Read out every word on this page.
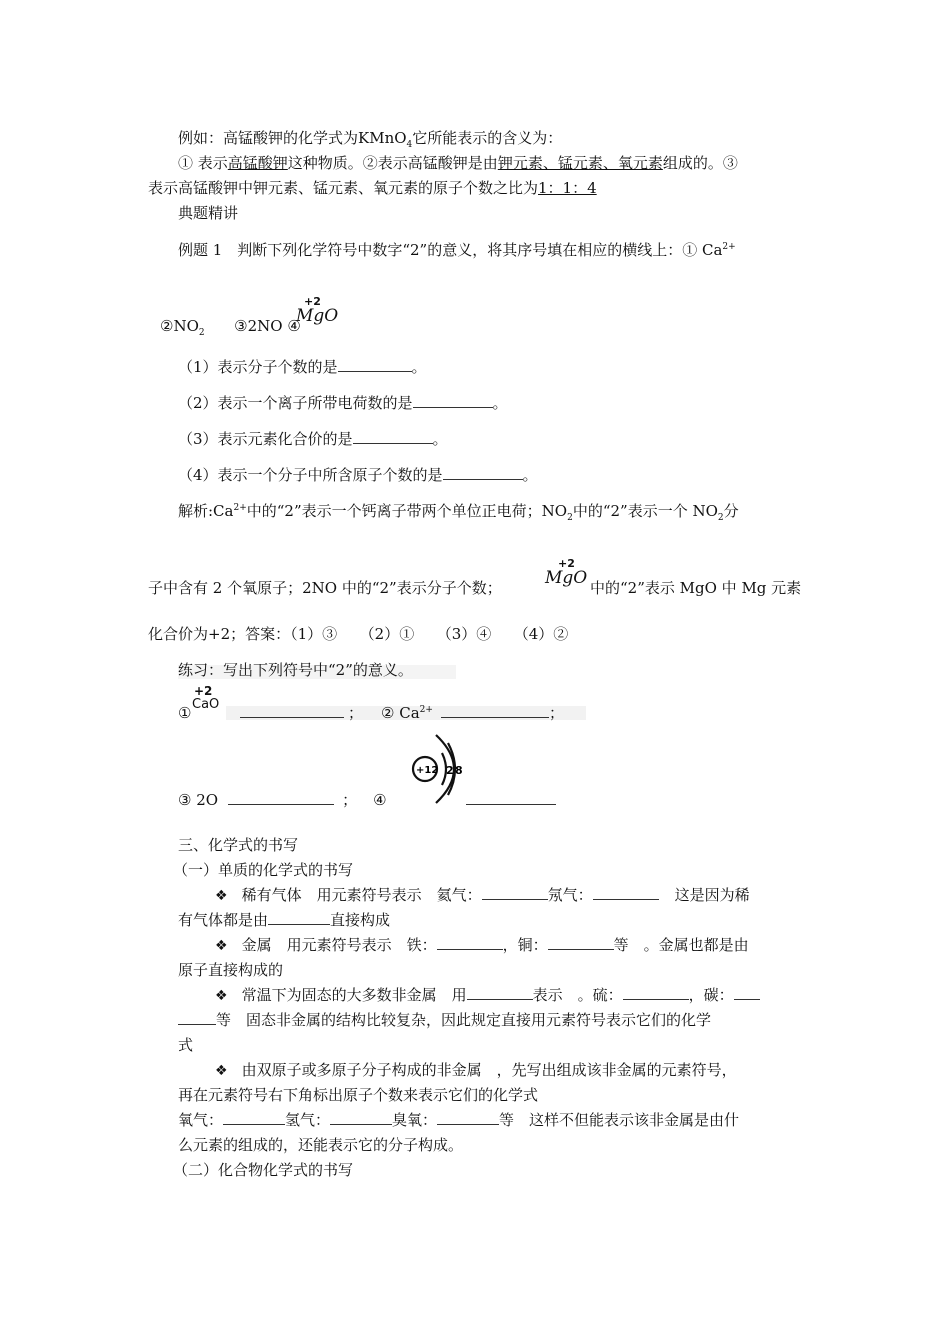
例如：高锰酸钾的化学式为KMnO$_4$它所能表示的含义为：
① 表示高锰酸钾这种物质。②表示高锰酸钾是由钾元素、锰元素、氧元素组成的。③
表示高锰酸钾中钾元素、锰元素、氧元素的原子个数之比为1：1：4
典题精讲
例题 1　判断下列化学符号中数字“2”的意义，将其序号填在相应的横线上：① $Ca^{2+}$
$②NO_2$ ③2NO ④
+2
MgO
（1）表示分子个数的是	。
（2）表示一个离子所带电荷数的是	。
（3）表示元素化合价的是	。
（4）表示一个分子中所含原子个数的是	。
解析$:Ca^{2+}$中的“2”表示一个钙离子带两个单位正电荷；$NO_2$中的“2”表示一个 $NO_2$分
子中含有 2 个氧原子；2NO 中的“2”表示分子个数；
+2
MgO 中的“2”表示 MgO 中 Mg 元素
化合价为+2；答案：（1）③　　（2）①　　（3）④　　（4）②
练习：写出下列符号中“2”的意义。
①
+2
CaO	； ② $Ca^{2+}$	；
+12 2 8
③ 2O	； ④
三、化学式的书写
（一）单质的化学式的书写
❖ 稀有气体　用元素符号表示　氦气：	氖气：	这是因为稀
有气体都是由	直接构成
❖ 金属　用元素符号表示　铁：	，铜：	等　。金属也都是由
原子直接构成的
❖ 常温下为固态的大多数非金属　用	表示　。硫：	，碳：
等　固态非金属的结构比较复杂，因此规定直接用元素符号表示它们的化学
式
❖ 由双原子或多原子分子构成的非金属　，先写出组成该非金属的元素符号，
再在元素符号右下角标出原子个数来表示它们的化学式
氧气：	氢气：	臭氧：	等　这样不但能表示该非金属是由什
么元素的组成的，还能表示它的分子构成。
（二）化合物化学式的书写
